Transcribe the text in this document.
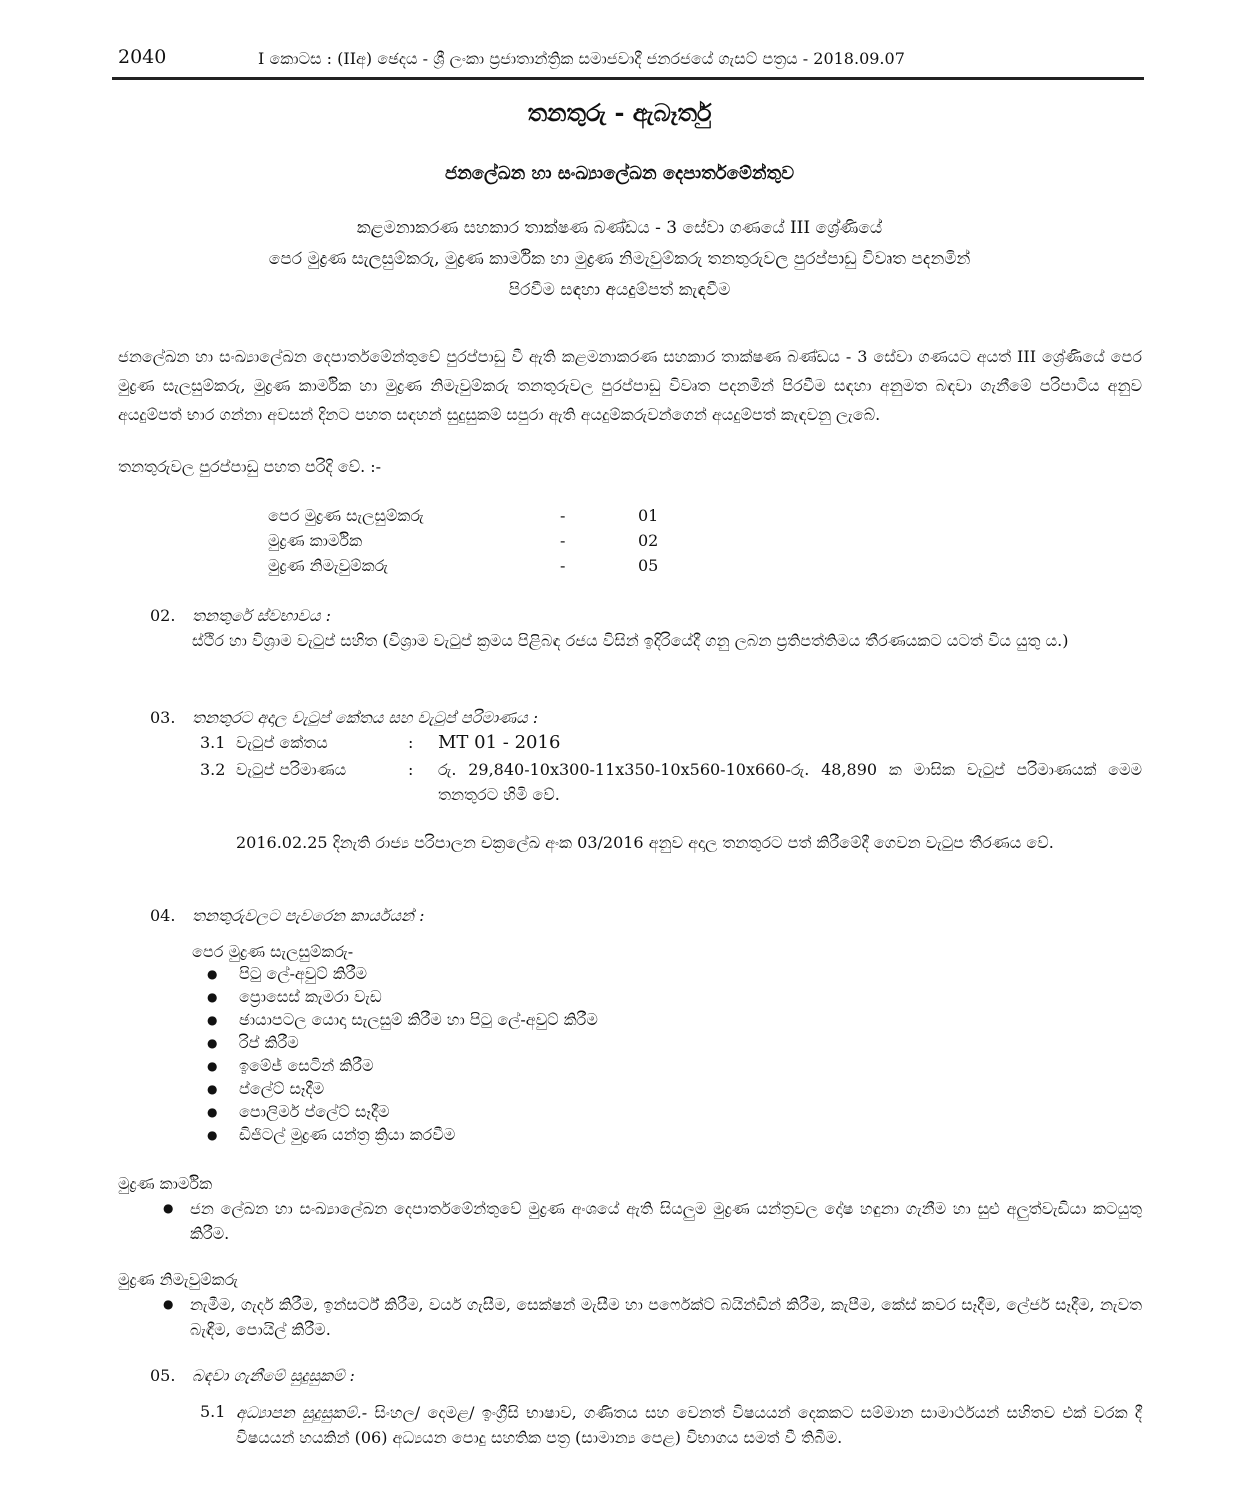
2040	I කොටස : (IIඅ) ඡෙදය - ශ්‍රී ලංකා ප්‍රජාතාන්ත්‍රික සමාජවාදී ජනරජයේ ගැසට් පත්‍රය - 2018.09.07
තනතුරු - ඇබෑර්තු
ජනලේඛන හා සංඛ්‍යාලේඛන දෙපාර්තමේන්තුව
කළමනාකරණ සහකාර තාක්ෂණ බණ්ඩය - 3 සේවා ගණයේ III ශ්‍රේණියේ
පෙර මුද්‍රණ සැලසුම්කරු, මුද්‍රණ කාර්මික හා මුද්‍රණ නිමැවුම්කරු තනතුරුවල පුරප්පාඩු විවෘත පදනමින්
පිරවීම සඳහා අයදුම්පත් කැඳවීම
ජනලේඛන හා සංඛ්‍යාලේඛන දෙපාර්තමේන්තුවේ පුරප්පාඩු වී ඇති කළමනාකරණ සහකාර තාක්ෂණ බණ්ඩය - 3 සේවා ගණයට අයත් III ශ්‍රේණියේ පෙර මුද්‍රණ සැලසුම්කරු, මුද්‍රණ කාර්මික හා මුද්‍රණ නිමැවුම්කරු තනතුරුවල පුරප්පාඩු විවෘත පදනමින් පිරවීම සඳහා අනුමත බඳවා ගැනීමේ පරිපාටිය අනුව අයදුම්පත් භාර ගන්නා අවසන් දිනට පහත සඳහන් සුදුසුකම් සපුරා ඇති අයදුම්කරුවන්ගෙන් අයදුම්පත් කැඳවනු ලැබේ.
තනතුරුවල පුරප්පාඩු පහත පරිදි වේ. :-
පෙර මුද්‍රණ සැලසුම්කරු	-	01
මුද්‍රණ කාර්මික	-	02
මුද්‍රණ නිමැවුම්කරු	-	05
02. තනතුරේ ස්වභාවය :
ස්ථිර හා විශ්‍රාම වැටුප් සහිත (විශ්‍රාම වැටුප් ක්‍රමය පිළිබඳ රජය විසින් ඉදිරියේදී ගනු ලබන ප්‍රතිපත්තිමය තීරණයකට යටත් විය යුතු ය.)
03. තනතුරට අදාල වැටුප් කේතය සහ වැටුප් පරිමාණය :
3.1 වැටුප් කේතය	:	MT 01 - 2016
3.2 වැටුප් පරිමාණය	:	රු. 29,840-10x300-11x350-10x560-10x660-රු. 48,890 ක මාසික වැටුප් පරිමාණයක් මෙම තනතුරට හිමි වේ.
2016.02.25 දිනැති රාජ්‍ය පරිපාලන චක්‍රලේඛ අංක 03/2016 අනුව අදාල තනතුරට පත් කිරීමේදී ගෙවන වැටුප තීරණය වේ.
04. තනතුරුවලට පැවරෙන කාර්යයන් :
පෙර මුද්‍රණ සැලසුම්කරු-
● පිටු ලේ-අවුට් කිරීම
● ප්‍රොසෙස් කැමරා වැඩ
● ඡායාපටල යොදා සැලසුම් කිරීම හා පිටු ලේ-අවුට් කිරීම
● රිප් කිරීම
● ඉමේජ් සෙටින් කිරීම
● ප්ලේට් සෑදීම
● පොලිමර් ප්ලේට් සෑදීම
● ඩිජිටල් මුද්‍රණ යන්ත්‍ර ක්‍රියා කරවීම
මුද්‍රණ කාර්මික
● ජන ලේඛන හා සංඛ්‍යාලේඛන දෙපාර්තමේන්තුවේ මුද්‍රණ අංශයේ ඇති සියලුම මුද්‍රණ යන්ත්‍රවල දෝෂ හඳුනා ගැනීම හා සුළු අලුත්වැඩියා කටයුතු කිරීම.
මුද්‍රණ නිමැවුම්කරු
● නැමීම, ගැදර් කිරීම, ඉන්සර්ට් කිරීම, වයර් ගැසීම, සෙක්ෂන් මැසීම හා පර්ෆෙක්ට් බයින්ඩින් කිරීම, කැපීම, කේස් කවර සෑදීම, ලේජර් සෑදීම, නැවත බැඳීම, පොයිල් කිරීම.
05. බඳවා ගැනීමේ සුදුසුකම් :
5.1 අධ්‍යාපන සුදුසුකම්.- සිංහල/ දෙමළ/ ඉංග්‍රීසි භාෂාව, ගණිතය සහ වෙනත් විෂයයන් දෙකකට සම්මාන සාමාර්ථයන් සහිතව එක් වරක දී විෂයයන් හයකින් (06) අධ්‍යයන පොදු සහතික පත්‍ර (සාමාන්‍ය පෙළ) විභාගය සමත් වී තිබීම.
